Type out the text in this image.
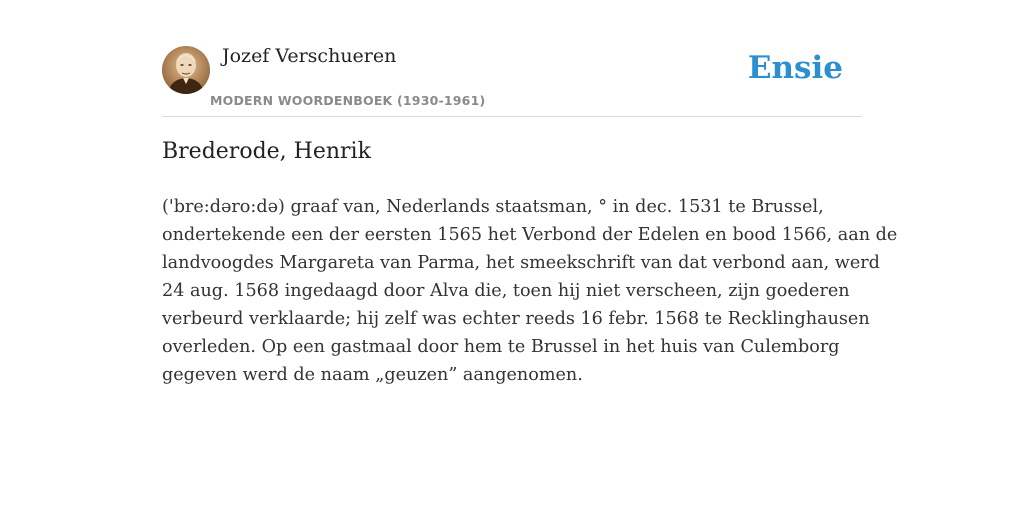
Jozef Verschueren
MODERN WOORDENBOEK (1930-1961)
Ensie
Brederode, Henrik

('bre:dəro:də) graaf van, Nederlands staatsman, ° in dec. 1531 te Brussel,
ondertekende een der eersten 1565 het Verbond der Edelen en bood 1566, aan de
landvoogdes Margareta van Parma, het smeekschrift van dat verbond aan, werd
24 aug. 1568 ingedaagd door Alva die, toen hij niet verscheen, zijn goederen
verbeurd verklaarde; hij zelf was echter reeds 16 febr. 1568 te Recklinghausen
overleden. Op een gastmaal door hem te Brussel in het huis van Culemborg
gegeven werd de naam „geuzen” aangenomen.
